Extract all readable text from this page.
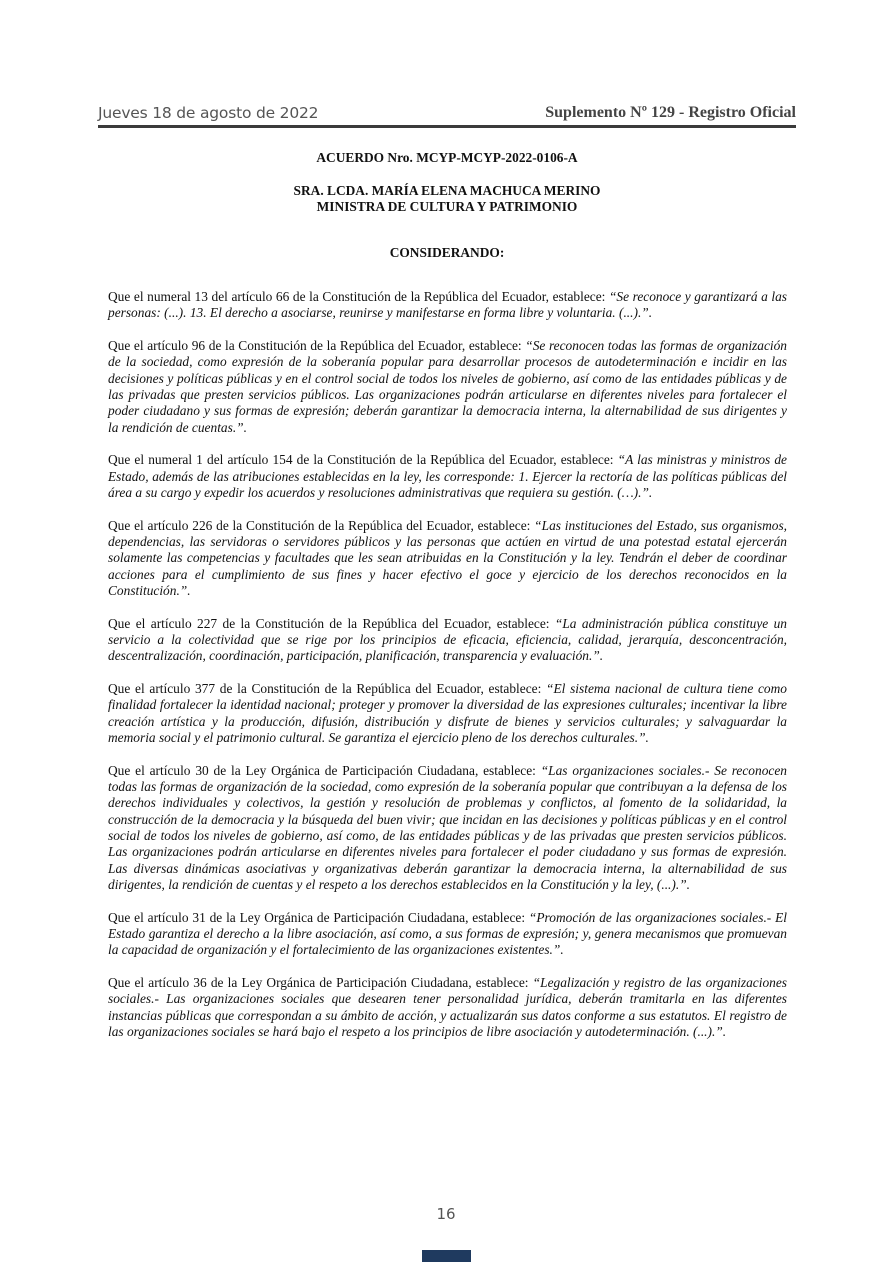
Jueves 18 de agosto de 2022	Suplemento Nº 129 - Registro Oficial
ACUERDO Nro. MCYP-MCYP-2022-0106-A
SRA. LCDA. MARÍA ELENA MACHUCA MERINO
MINISTRA DE CULTURA Y PATRIMONIO
CONSIDERANDO:

Que el numeral 13 del artículo 66 de la Constitución de la República del Ecuador, establece: “Se reconoce y garantizará a las personas: (...). 13. El derecho a asociarse, reunirse y manifestarse en forma libre y voluntaria. (...).”.

Que el artículo 96 de la Constitución de la República del Ecuador, establece: “Se reconocen todas las formas de organización de la sociedad, como expresión de la soberanía popular para desarrollar procesos de autodeterminación e incidir en las decisiones y políticas públicas y en el control social de todos los niveles de gobierno, así como de las entidades públicas y de las privadas que presten servicios públicos. Las organizaciones podrán articularse en diferentes niveles para fortalecer el poder ciudadano y sus formas de expresión; deberán garantizar la democracia interna, la alternabilidad de sus dirigentes y la rendición de cuentas.”.

Que el numeral 1 del artículo 154 de la Constitución de la República del Ecuador, establece: “A las ministras y ministros de Estado, además de las atribuciones establecidas en la ley, les corresponde: 1. Ejercer la rectoría de las políticas públicas del área a su cargo y expedir los acuerdos y resoluciones administrativas que requiera su gestión. (…).”.

Que el artículo 226 de la Constitución de la República del Ecuador, establece: “Las instituciones del Estado, sus organismos, dependencias, las servidoras o servidores públicos y las personas que actúen en virtud de una potestad estatal ejercerán solamente las competencias y facultades que les sean atribuidas en la Constitución y la ley. Tendrán el deber de coordinar acciones para el cumplimiento de sus fines y hacer efectivo el goce y ejercicio de los derechos reconocidos en la Constitución.”.

Que el artículo 227 de la Constitución de la República del Ecuador, establece: “La administración pública constituye un servicio a la colectividad que se rige por los principios de eficacia, eficiencia, calidad, jerarquía, desconcentración, descentralización, coordinación, participación, planificación, transparencia y evaluación.”.

Que el artículo 377 de la Constitución de la República del Ecuador, establece: “El sistema nacional de cultura tiene como finalidad fortalecer la identidad nacional; proteger y promover la diversidad de las expresiones culturales; incentivar la libre creación artística y la producción, difusión, distribución y disfrute de bienes y servicios culturales; y salvaguardar la memoria social y el patrimonio cultural. Se garantiza el ejercicio pleno de los derechos culturales.”.

Que el artículo 30 de la Ley Orgánica de Participación Ciudadana, establece: “Las organizaciones sociales.- Se reconocen todas las formas de organización de la sociedad, como expresión de la soberanía popular que contribuyan a la defensa de los derechos individuales y colectivos, la gestión y resolución de problemas y conflictos, al fomento de la solidaridad, la construcción de la democracia y la búsqueda del buen vivir; que incidan en las decisiones y políticas públicas y en el control social de todos los niveles de gobierno, así como, de las entidades públicas y de las privadas que presten servicios públicos. Las organizaciones podrán articularse en diferentes niveles para fortalecer el poder ciudadano y sus formas de expresión. Las diversas dinámicas asociativas y organizativas deberán garantizar la democracia interna, la alternabilidad de sus dirigentes, la rendición de cuentas y el respeto a los derechos establecidos en la Constitución y la ley, (...).”.

Que el artículo 31 de la Ley Orgánica de Participación Ciudadana, establece: “Promoción de las organizaciones sociales.- El Estado garantiza el derecho a la libre asociación, así como, a sus formas de expresión; y, genera mecanismos que promuevan la capacidad de organización y el fortalecimiento de las organizaciones existentes.”.

Que el artículo 36 de la Ley Orgánica de Participación Ciudadana, establece: “Legalización y registro de las organizaciones sociales.- Las organizaciones sociales que desearen tener personalidad jurídica, deberán tramitarla en las diferentes instancias públicas que correspondan a su ámbito de acción, y actualizarán sus datos conforme a sus estatutos. El registro de las organizaciones sociales se hará bajo el respeto a los principios de libre asociación y autodeterminación. (...).”.

16
